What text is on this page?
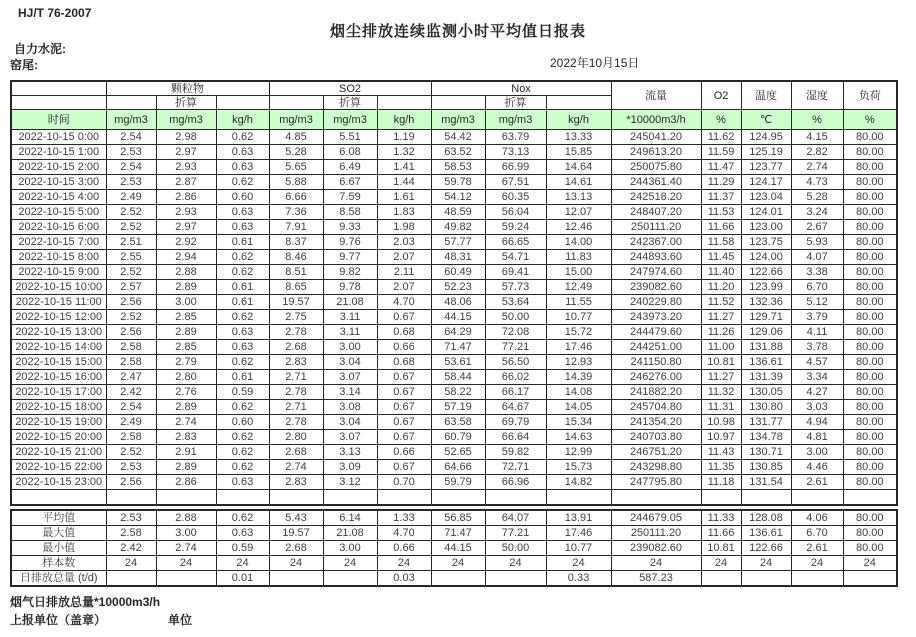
HJ/T 76-2007
烟尘排放连续监测小时平均值日报表
自力水泥:
窑尾:	2022年10月15日
	颗粒物			SO2			Nox			流量	O2	温度	湿度	负荷
		折算			折算			折算						
时间	mg/m3	mg/m3	kg/h	mg/m3	mg/m3	kg/h	mg/m3	mg/m3	kg/h	*10000m3/h	%	℃	%	%
2022-10-15 0:00	2.54	2.98	0.62	4.85	5.51	1.19	54.42	63.79	13.33	245041.20	11.62	124.95	4.15	80.00
2022-10-15 1:00	2.53	2.97	0.63	5.28	6.08	1.32	63.52	73.13	15.85	249613.20	11.59	125.19	2.82	80.00
2022-10-15 2:00	2.54	2.93	0.63	5.65	6.49	1.41	58.53	66.99	14.64	250075.80	11.47	123.77	2.74	80.00
2022-10-15 3:00	2.53	2.87	0.62	5.88	6.67	1.44	59.78	67.51	14.61	244361.40	11.29	124.17	4.73	80.00
2022-10-15 4:00	2.49	2.86	0.60	6.66	7.59	1.61	54.12	60.35	13.13	242518.20	11.37	123.04	5.28	80.00
2022-10-15 5:00	2.52	2.93	0.63	7.36	8.58	1.83	48.59	56.04	12.07	248407.20	11.53	124.01	3.24	80.00
2022-10-15 6:00	2.52	2.97	0.63	7.91	9.33	1.98	49.82	59.24	12.46	250111.20	11.66	123.00	2.67	80.00
2022-10-15 7:00	2.51	2.92	0.61	8.37	9.76	2.03	57.77	66.65	14.00	242367.00	11.58	123.75	5.93	80.00
2022-10-15 8:00	2.55	2.94	0.62	8.46	9.77	2.07	48.31	54.71	11.83	244893.60	11.45	124.00	4.07	80.00
2022-10-15 9:00	2.52	2.88	0.62	8.51	9.82	2.11	60.49	69.41	15.00	247974.60	11.40	122.66	3.38	80.00
2022-10-15 10:00	2.57	2.89	0.61	8.65	9.78	2.07	52.23	57.73	12.49	239082.60	11.20	123.99	6.70	80.00
2022-10-15 11:00	2.56	3.00	0.61	19.57	21.08	4.70	48.06	53.64	11.55	240229.80	11.52	132.36	5.12	80.00
2022-10-15 12:00	2.52	2.85	0.62	2.75	3.11	0.67	44.15	50.00	10.77	243973.20	11.27	129.71	3.79	80.00
2022-10-15 13:00	2.56	2.89	0.63	2.78	3.11	0.68	64.29	72.08	15.72	244479.60	11.26	129.06	4.11	80.00
2022-10-15 14:00	2.58	2.85	0.63	2.68	3.00	0.66	71.47	77.21	17.46	244251.00	11.00	131.88	3.78	80.00
2022-10-15 15:00	2.58	2.79	0.62	2.83	3.04	0.68	53.61	56.50	12.93	241150.80	10.81	136.61	4.57	80.00
2022-10-15 16:00	2.47	2.80	0.61	2.71	3.07	0.67	58.44	66.02	14.39	246276.00	11.27	131.39	3.34	80.00
2022-10-15 17:00	2.42	2.76	0.59	2.78	3.14	0.67	58.22	66.17	14.08	241882.20	11.32	130.05	4.27	80.00
2022-10-15 18:00	2.54	2.89	0.62	2.71	3.08	0.67	57.19	64.67	14.05	245704.80	11.31	130.80	3.03	80.00
2022-10-15 19:00	2.49	2.74	0.60	2.78	3.04	0.67	63.58	69.79	15.34	241354.20	10.98	131.77	4.94	80.00
2022-10-15 20:00	2.58	2.83	0.62	2.80	3.07	0.67	60.79	66.64	14.63	240703.80	10.97	134.78	4.81	80.00
2022-10-15 21:00	2.52	2.91	0.62	2.68	3.13	0.66	52.65	59.82	12.99	246751.20	11.43	130.71	3.00	80.00
2022-10-15 22:00	2.53	2.89	0.62	2.74	3.09	0.67	64.66	72.71	15.73	243298.80	11.35	130.85	4.46	80.00
2022-10-15 23:00	2.56	2.86	0.63	2.83	3.12	0.70	59.79	66.96	14.82	247795.80	11.18	131.54	2.61	80.00

平均值	2.53	2.88	0.62	5.43	6.14	1.33	56.85	64.07	13.91	244679.05	11.33	128.08	4.06	80.00
最大值	2.58	3.00	0.63	19.57	21.08	4.70	71.47	77.21	17.46	250111.20	11.66	136.61	6.70	80.00
最小值	2.42	2.74	0.59	2.68	3.00	0.66	44.15	50.00	10.77	239082.60	10.81	122.66	2.61	80.00
样本数	24	24	24	24	24	24	24	24	24	24	24	24	24	24
日排放总量 (t/d)			0.01			0.03			0.33	587.23				
烟气日排放总量*10000m3/h
上报单位（盖章）	单位
